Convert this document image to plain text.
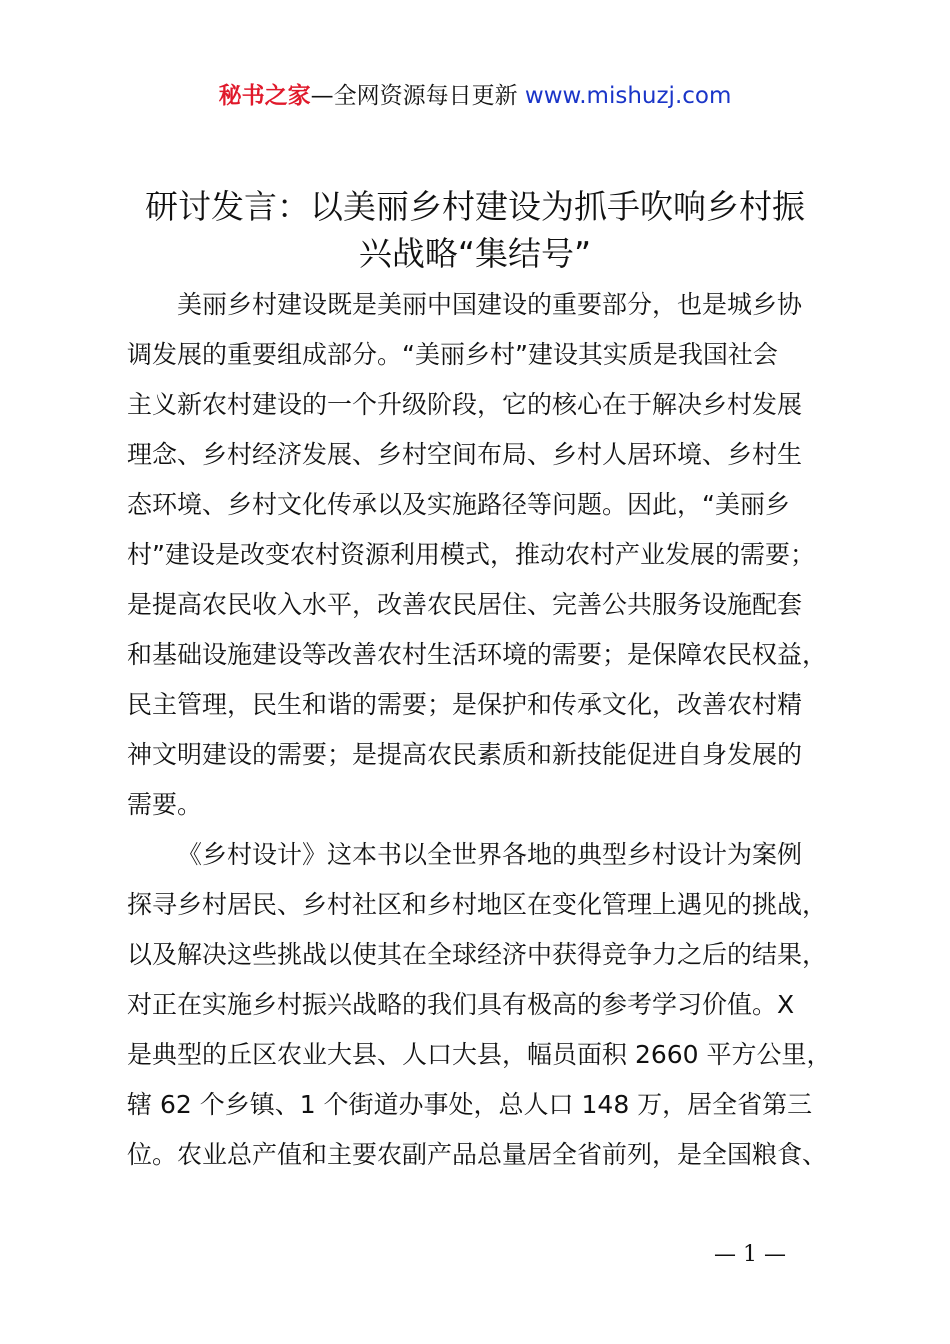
秘书之家—全网资源每日更新 www.mishuzj.com
研讨发言：以美丽乡村建设为抓手吹响乡村振
兴战略“集结号”
美丽乡村建设既是美丽中国建设的重要部分，也是城乡协
调发展的重要组成部分。“美丽乡村”建设其实质是我国社会
主义新农村建设的一个升级阶段，它的核心在于解决乡村发展
理念、乡村经济发展、乡村空间布局、乡村人居环境、乡村生
态环境、乡村文化传承以及实施路径等问题。因此，“美丽乡
村”建设是改变农村资源利用模式，推动农村产业发展的需要；
是提高农民收入水平，改善农民居住、完善公共服务设施配套
和基础设施建设等改善农村生活环境的需要；是保障农民权益，
民主管理，民生和谐的需要；是保护和传承文化，改善农村精
神文明建设的需要；是提高农民素质和新技能促进自身发展的
需要。
《乡村设计》这本书以全世界各地的典型乡村设计为案例
探寻乡村居民、乡村社区和乡村地区在变化管理上遇见的挑战，
以及解决这些挑战以使其在全球经济中获得竞争力之后的结果，
对正在实施乡村振兴战略的我们具有极高的参考学习价值。X
是典型的丘区农业大县、人口大县，幅员面积 2660 平方公里，
辖 62 个乡镇、1 个街道办事处，总人口 148 万，居全省第三
位。农业总产值和主要农副产品总量居全省前列，是全国粮食、
— 1 —
